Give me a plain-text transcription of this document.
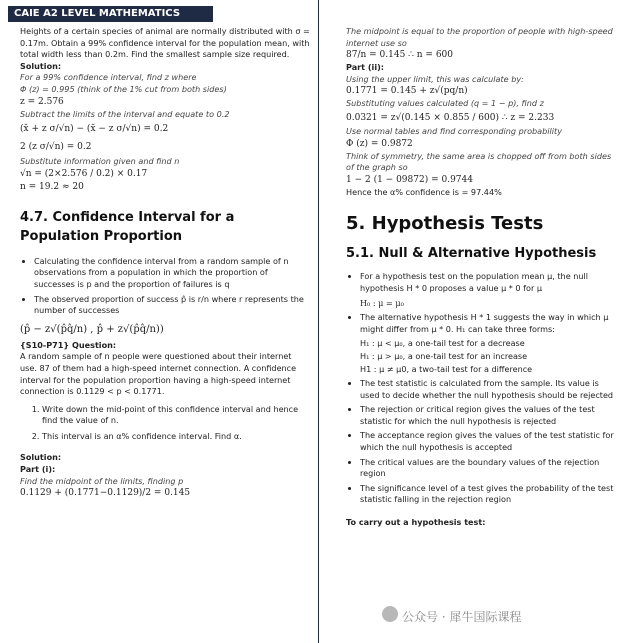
CAIE A2 LEVEL MATHEMATICS

Heights of a certain species of animal are normally distributed with σ = 0.17m. Obtain a 99% confidence interval for the population mean, with total width less than 0.2m. Find the smallest sample size required.

Solution:

For a 99% confidence interval, find z where

Φ (z) = 0.995 (think of the 1% cut from both sides)

z = 2.576

Subtract the limits of the interval and equate to 0.2

(x̄ + z σ/√n) − (x̄ − z σ/√n) = 0.2

2 (z σ/√n) = 0.2

Substitute information given and find n

√n = (2×2.576 / 0.2) × 0.17

n = 19.2 ≈ 20

4.7. Confidence Interval for a Population Proportion

• Calculating the confidence interval from a random sample of n observations from a population in which the proportion of successes is p and the proportion of failures is q
• The observed proportion of success p̂ is r/n where r represents the number of successes

(p̂ − z√(p̂q̂/n) , p̂ + z√(p̂q̂/n))

{S10-P71} Question:

A random sample of n people were questioned about their internet use. 87 of them had a high-speed internet connection. A confidence interval for the population proportion having a high-speed internet connection is 0.1129 < p < 0.1771.

1. Write down the mid-point of this confidence interval and hence find the value of n.
2. This interval is an α% confidence interval. Find α.

Solution:

Part (i):

Find the midpoint of the limits, finding p

0.1129 + (0.1771−0.1129)/2 = 0.145

The midpoint is equal to the proportion of people with high-speed internet use so

87/n = 0.145 ∴ n = 600

Part (ii):

Using the upper limit, this was calculate by:

0.1771 = 0.145 + z√(pq/n)

Substituting values calculated (q = 1 − p), find z

0.0321 = z√(0.145 × 0.855 / 600) ∴ z = 2.233

Use normal tables and find corresponding probability

Φ (z) = 0.9872

Think of symmetry, the same area is chopped off from both sides of the graph so

1 − 2 (1 − 09872) = 0.9744

Hence the α% confidence is = 97.44%

5. Hypothesis Tests

5.1. Null & Alternative Hypothesis

• For a hypothesis test on the population mean μ, the null hypothesis H * 0 proposes a value μ * 0 for μ
H₀ : μ = μ₀
• The alternative hypothesis H * 1 suggests the way in which μ might differ from μ * 0. H₁ can take three forms:
H₁ : μ < μ₀, a one-tail test for a decrease
H₁ : μ > μ₀, a one-tail test for an increase
H1 : μ ≠ μ0, a two-tail test for a difference
• The test statistic is calculated from the sample. Its value is used to decide whether the null hypothesis should be rejected
• The rejection or critical region gives the values of the test statistic for which the null hypothesis is rejected
• The acceptance region gives the values of the test statistic for which the null hypothesis is accepted
• The critical values are the boundary values of the rejection region
• The significance level of a test gives the probability of the test statistic falling in the rejection region

To carry out a hypothesis test:

公众号 · 犀牛国际课程
